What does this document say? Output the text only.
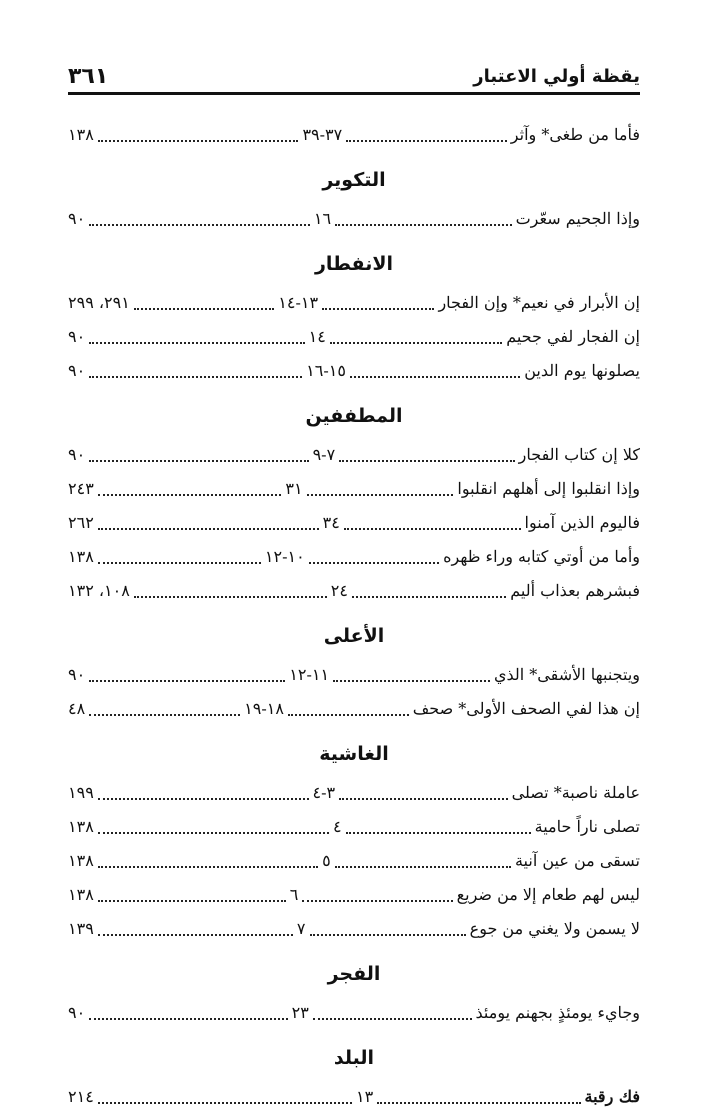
يقظة أولي الاعتبار
٣٦١
فأما من طغى* وآثر
٣٧-٣٩
١٣٨
التكوير
وإذا الجحيم سعّرت
١٦
٩٠
الانفطار
إن الأبرار في نعيم* وإن الفجار
١٣-١٤
٢٩١، ٢٩٩
إن الفجار لفي جحيم
١٤
٩٠
يصلونها يوم الدين
١٥-١٦
٩٠
المطففين
كلا إن كتاب الفجار
٧-٩
٩٠
وإذا انقلبوا إلى أهلهم انقلبوا
٣١
٢٤٣
فاليوم الذين آمنوا
٣٤
٢٦٢
وأما من أوتي كتابه وراء ظهره
١٠-١٢
١٣٨
فبشرهم بعذاب أليم
٢٤
١٠٨، ١٣٢
الأعلى
ويتجنبها الأشقى* الذي
١١-١٢
٩٠
إن هذا لفي الصحف الأولى* صحف
١٨-١٩
٤٨
الغاشية
عاملة ناصبة* تصلى
٣-٤
١٩٩
تصلى ناراً حامية
٤
١٣٨
تسقى من عين آنية
٥
١٣٨
ليس لهم طعام إلا من ضريع
٦
١٣٨
لا يسمن ولا يغني من جوع
٧
١٣٩
الفجر
وجايء يومئذٍ بجهنم يومئذ
٢٣
٩٠
البلد
فك رقبة
١٣
٢١٤
